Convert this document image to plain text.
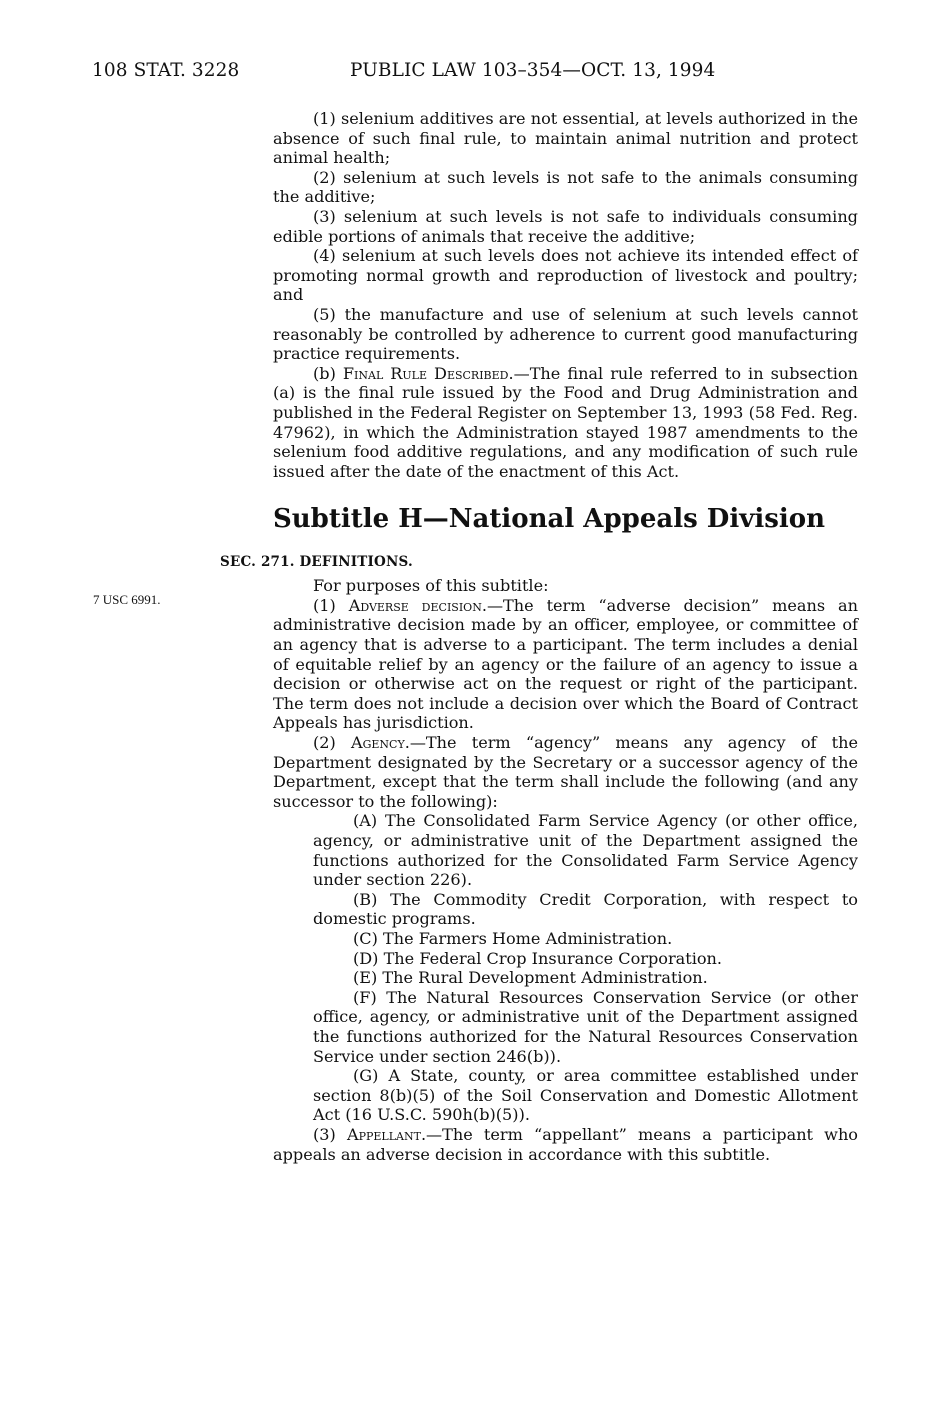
108 STAT. 3228	PUBLIC LAW 103–354—OCT. 13, 1994
7 USC 6991.

(1) selenium additives are not essential, at levels authorized in the absence of such final rule, to maintain animal nutrition and protect animal health;

(2) selenium at such levels is not safe to the animals consuming the additive;

(3) selenium at such levels is not safe to individuals consuming edible portions of animals that receive the additive;

(4) selenium at such levels does not achieve its intended effect of promoting normal growth and reproduction of livestock and poultry; and

(5) the manufacture and use of selenium at such levels cannot reasonably be controlled by adherence to current good manufacturing practice requirements.

(b) Final Rule Described.—The final rule referred to in subsection (a) is the final rule issued by the Food and Drug Administration and published in the Federal Register on September 13, 1993 (58 Fed. Reg. 47962), in which the Administration stayed 1987 amendments to the selenium food additive regulations, and any modification of such rule issued after the date of the enactment of this Act.

Subtitle H—National Appeals Division
SEC. 271. DEFINITIONS.

For purposes of this subtitle:

(1) Adverse decision.—The term “adverse decision” means an administrative decision made by an officer, employee, or committee of an agency that is adverse to a participant. The term includes a denial of equitable relief by an agency or the failure of an agency to issue a decision or otherwise act on the request or right of the participant. The term does not include a decision over which the Board of Contract Appeals has jurisdiction.

(2) Agency.—The term “agency” means any agency of the Department designated by the Secretary or a successor agency of the Department, except that the term shall include the following (and any successor to the following):

(A) The Consolidated Farm Service Agency (or other office, agency, or administrative unit of the Department assigned the functions authorized for the Consolidated Farm Service Agency under section 226).

(B) The Commodity Credit Corporation, with respect to domestic programs.

(C) The Farmers Home Administration.

(D) The Federal Crop Insurance Corporation.

(E) The Rural Development Administration.

(F) The Natural Resources Conservation Service (or other office, agency, or administrative unit of the Department assigned the functions authorized for the Natural Resources Conservation Service under section 246(b)).

(G) A State, county, or area committee established under section 8(b)(5) of the Soil Conservation and Domestic Allotment Act (16 U.S.C. 590h(b)(5)).

(3) Appellant.—The term “appellant” means a participant who appeals an adverse decision in accordance with this subtitle.
